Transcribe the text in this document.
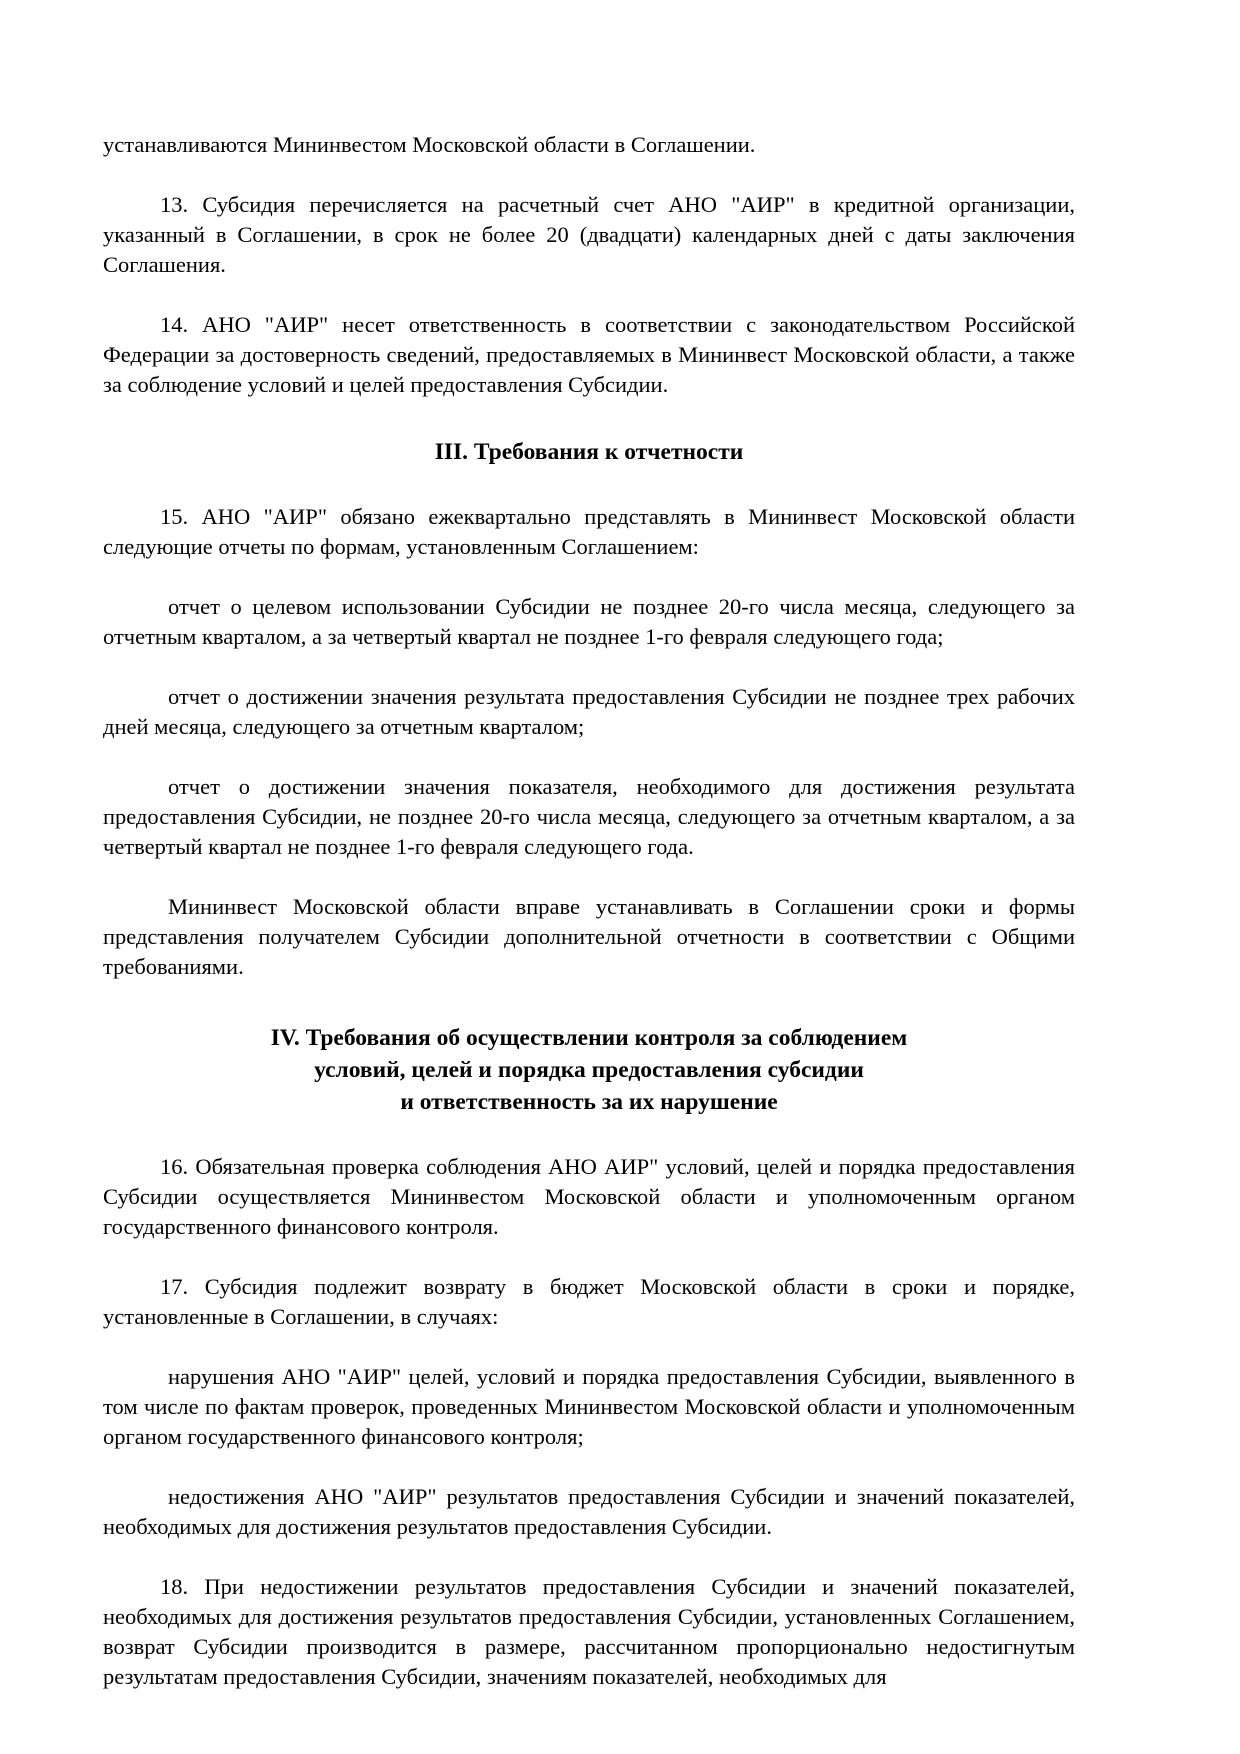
устанавливаются Мининвестом Московской области в Соглашении.

13. Субсидия перечисляется на расчетный счет АНО "АИР" в кредитной организации, указанный в Соглашении, в срок не более 20 (двадцати) календарных дней с даты заключения Соглашения.

14. АНО "АИР" несет ответственность в соответствии с законодательством Российской Федерации за достоверность сведений, предоставляемых в Мининвест Московской области, а также за соблюдение условий и целей предоставления Субсидии.

III. Требования к отчетности

15. АНО "АИР" обязано ежеквартально представлять в Мининвест Московской области следующие отчеты по формам, установленным Соглашением:

отчет о целевом использовании Субсидии не позднее 20-го числа месяца, следующего за отчетным кварталом, а за четвертый квартал не позднее 1-го февраля следующего года;

отчет о достижении значения результата предоставления Субсидии не позднее трех рабочих дней месяца, следующего за отчетным кварталом;

отчет о достижении значения показателя, необходимого для достижения результата предоставления Субсидии, не позднее 20-го числа месяца, следующего за отчетным кварталом, а за четвертый квартал не позднее 1-го февраля следующего года.

Мининвест Московской области вправе устанавливать в Соглашении сроки и формы представления получателем Субсидии дополнительной отчетности в соответствии с Общими требованиями.

IV. Требования об осуществлении контроля за соблюдением
условий, целей и порядка предоставления субсидии
и ответственность за их нарушение

16. Обязательная проверка соблюдения АНО АИР" условий, целей и порядка предоставления Субсидии осуществляется Мининвестом Московской области и уполномоченным органом государственного финансового контроля.

17. Субсидия подлежит возврату в бюджет Московской области в сроки и порядке, установленные в Соглашении, в случаях:

нарушения АНО "АИР" целей, условий и порядка предоставления Субсидии, выявленного в том числе по фактам проверок, проведенных Мининвестом Московской области и уполномоченным органом государственного финансового контроля;

недостижения АНО "АИР" результатов предоставления Субсидии и значений показателей, необходимых для достижения результатов предоставления Субсидии.

18. При недостижении результатов предоставления Субсидии и значений показателей, необходимых для достижения результатов предоставления Субсидии, установленных Соглашением, возврат Субсидии производится в размере, рассчитанном пропорционально недостигнутым результатам предоставления Субсидии, значениям показателей, необходимых для
